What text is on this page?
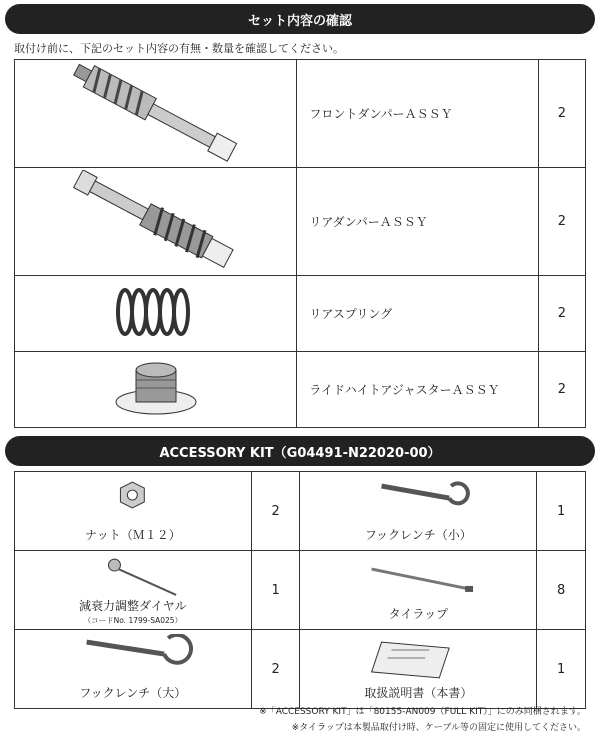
セット内容の確認
取付け前に、下記のセット内容の有無・数量を確認してください。
	フロントダンパーＡＳＳＹ	2
	リアダンパーＡＳＳＹ	2
	リアスプリング	2
	ライドハイトアジャスターＡＳＳＹ	2
ACCESSORY KIT（G04491-N22020-00）
ナット（Ｍ１２）	2	フックレンチ（小）	1

減衰力調整ダイヤル
（コードNo. 1799-SA025）	1	タイラップ	8

フックレンチ（大）	2	取扱説明書（本書）	1
※「ACCESSORY KIT」は「80155-AN009（FULL KIT）」にのみ同梱されます。
※タイラップは本製品取付け時、ケーブル等の固定に使用してください。
